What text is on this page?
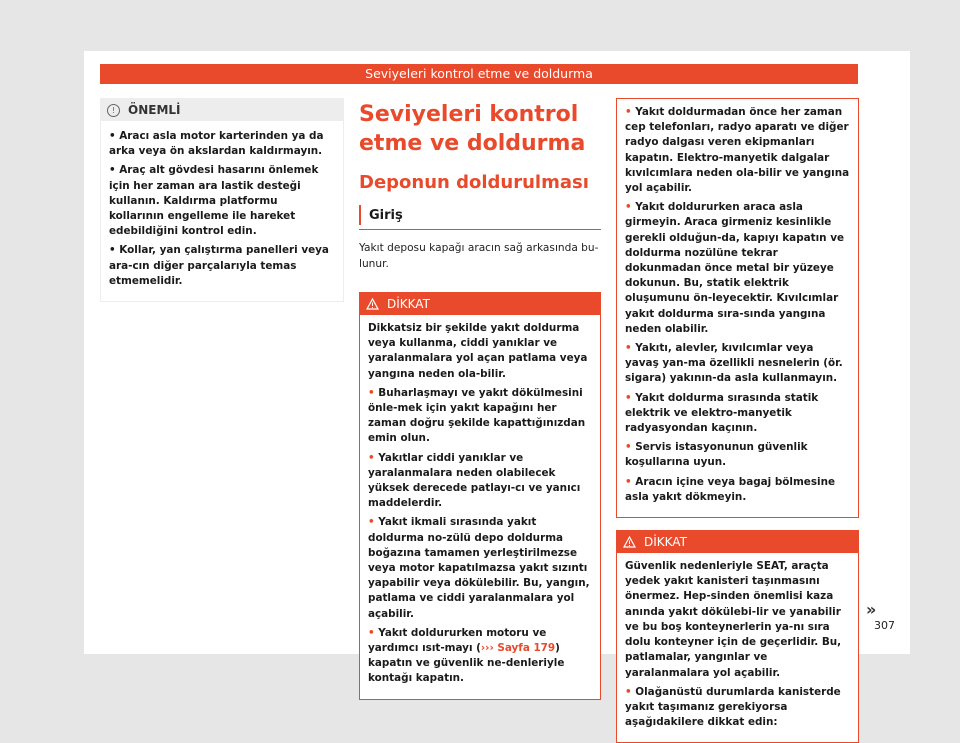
Seviyeleri kontrol etme ve doldurma
!	ÖNEMLİ

• Aracı asla motor karterinden ya da arka veya ön akslardan kaldırmayın.

• Araç alt gövdesi hasarını önlemek için her zaman ara lastik desteği kullanın. Kaldırma platformu kollarının engelleme ile hareket edebildiğini kontrol edin.

• Kollar, yan çalıştırma panelleri veya ara-cın diğer parçalarıyla temas etmemelidir.

Seviyeleri kontrol etme ve doldurma
Deponun doldurulması
Giriş
Yakıt deposu kapağı aracın sağ arkasında bu-lunur.
DİKKAT

Dikkatsiz bir şekilde yakıt doldurma veya kullanma, ciddi yanıklar ve yaralanmalara yol açan patlama veya yangına neden ola-bilir.

• Buharlaşmayı ve yakıt dökülmesini önle-mek için yakıt kapağını her zaman doğru şekilde kapattığınızdan emin olun.

• Yakıtlar ciddi yanıklar ve yaralanmalara neden olabilecek yüksek derecede patlayı-cı ve yanıcı maddelerdir.

• Yakıt ikmali sırasında yakıt doldurma no-zülü depo doldurma boğazına tamamen yerleştirilmezse veya motor kapatılmazsa yakıt sızıntı yapabilir veya dökülebilir. Bu, yangın, patlama ve ciddi yaralanmalara yol açabilir.

• Yakıt doldururken motoru ve yardımcı ısıt-mayı (››› Sayfa 179) kapatın ve güvenlik ne-denleriyle kontağı kapatın.

• Yakıt doldurmadan önce her zaman cep telefonları, radyo aparatı ve diğer radyo dalgası veren ekipmanları kapatın. Elektro-manyetik dalgalar kıvılcımlara neden ola-bilir ve yangına yol açabilir.

• Yakıt doldururken araca asla girmeyin. Araca girmeniz kesinlikle gerekli olduğun-da, kapıyı kapatın ve doldurma nozülüne tekrar dokunmadan önce metal bir yüzeye dokunun. Bu, statik elektrik oluşumunu ön-leyecektir. Kıvılcımlar yakıt doldurma sıra-sında yangına neden olabilir.

• Yakıtı, alevler, kıvılcımlar veya yavaş yan-ma özellikli nesnelerin (ör. sigara) yakının-da asla kullanmayın.

• Yakıt doldurma sırasında statik elektrik ve elektro-manyetik radyasyondan kaçının.

• Servis istasyonunun güvenlik koşullarına uyun.

• Aracın içine veya bagaj bölmesine asla yakıt dökmeyin.

DİKKAT

Güvenlik nedenleriyle SEAT, araçta yedek yakıt kanisteri taşınmasını önermez. Hep-sinden önemlisi kaza anında yakıt dökülebi-lir ve yanabilir ve bu boş konteynerlerin ya-nı sıra dolu konteyner için de geçerlidir. Bu, patlamalar, yangınlar ve yaralanmalara yol açabilir.

• Olağanüstü durumlarda kanisterde yakıt taşımanız gerekiyorsa aşağıdakilere dikkat edin:

»
307
